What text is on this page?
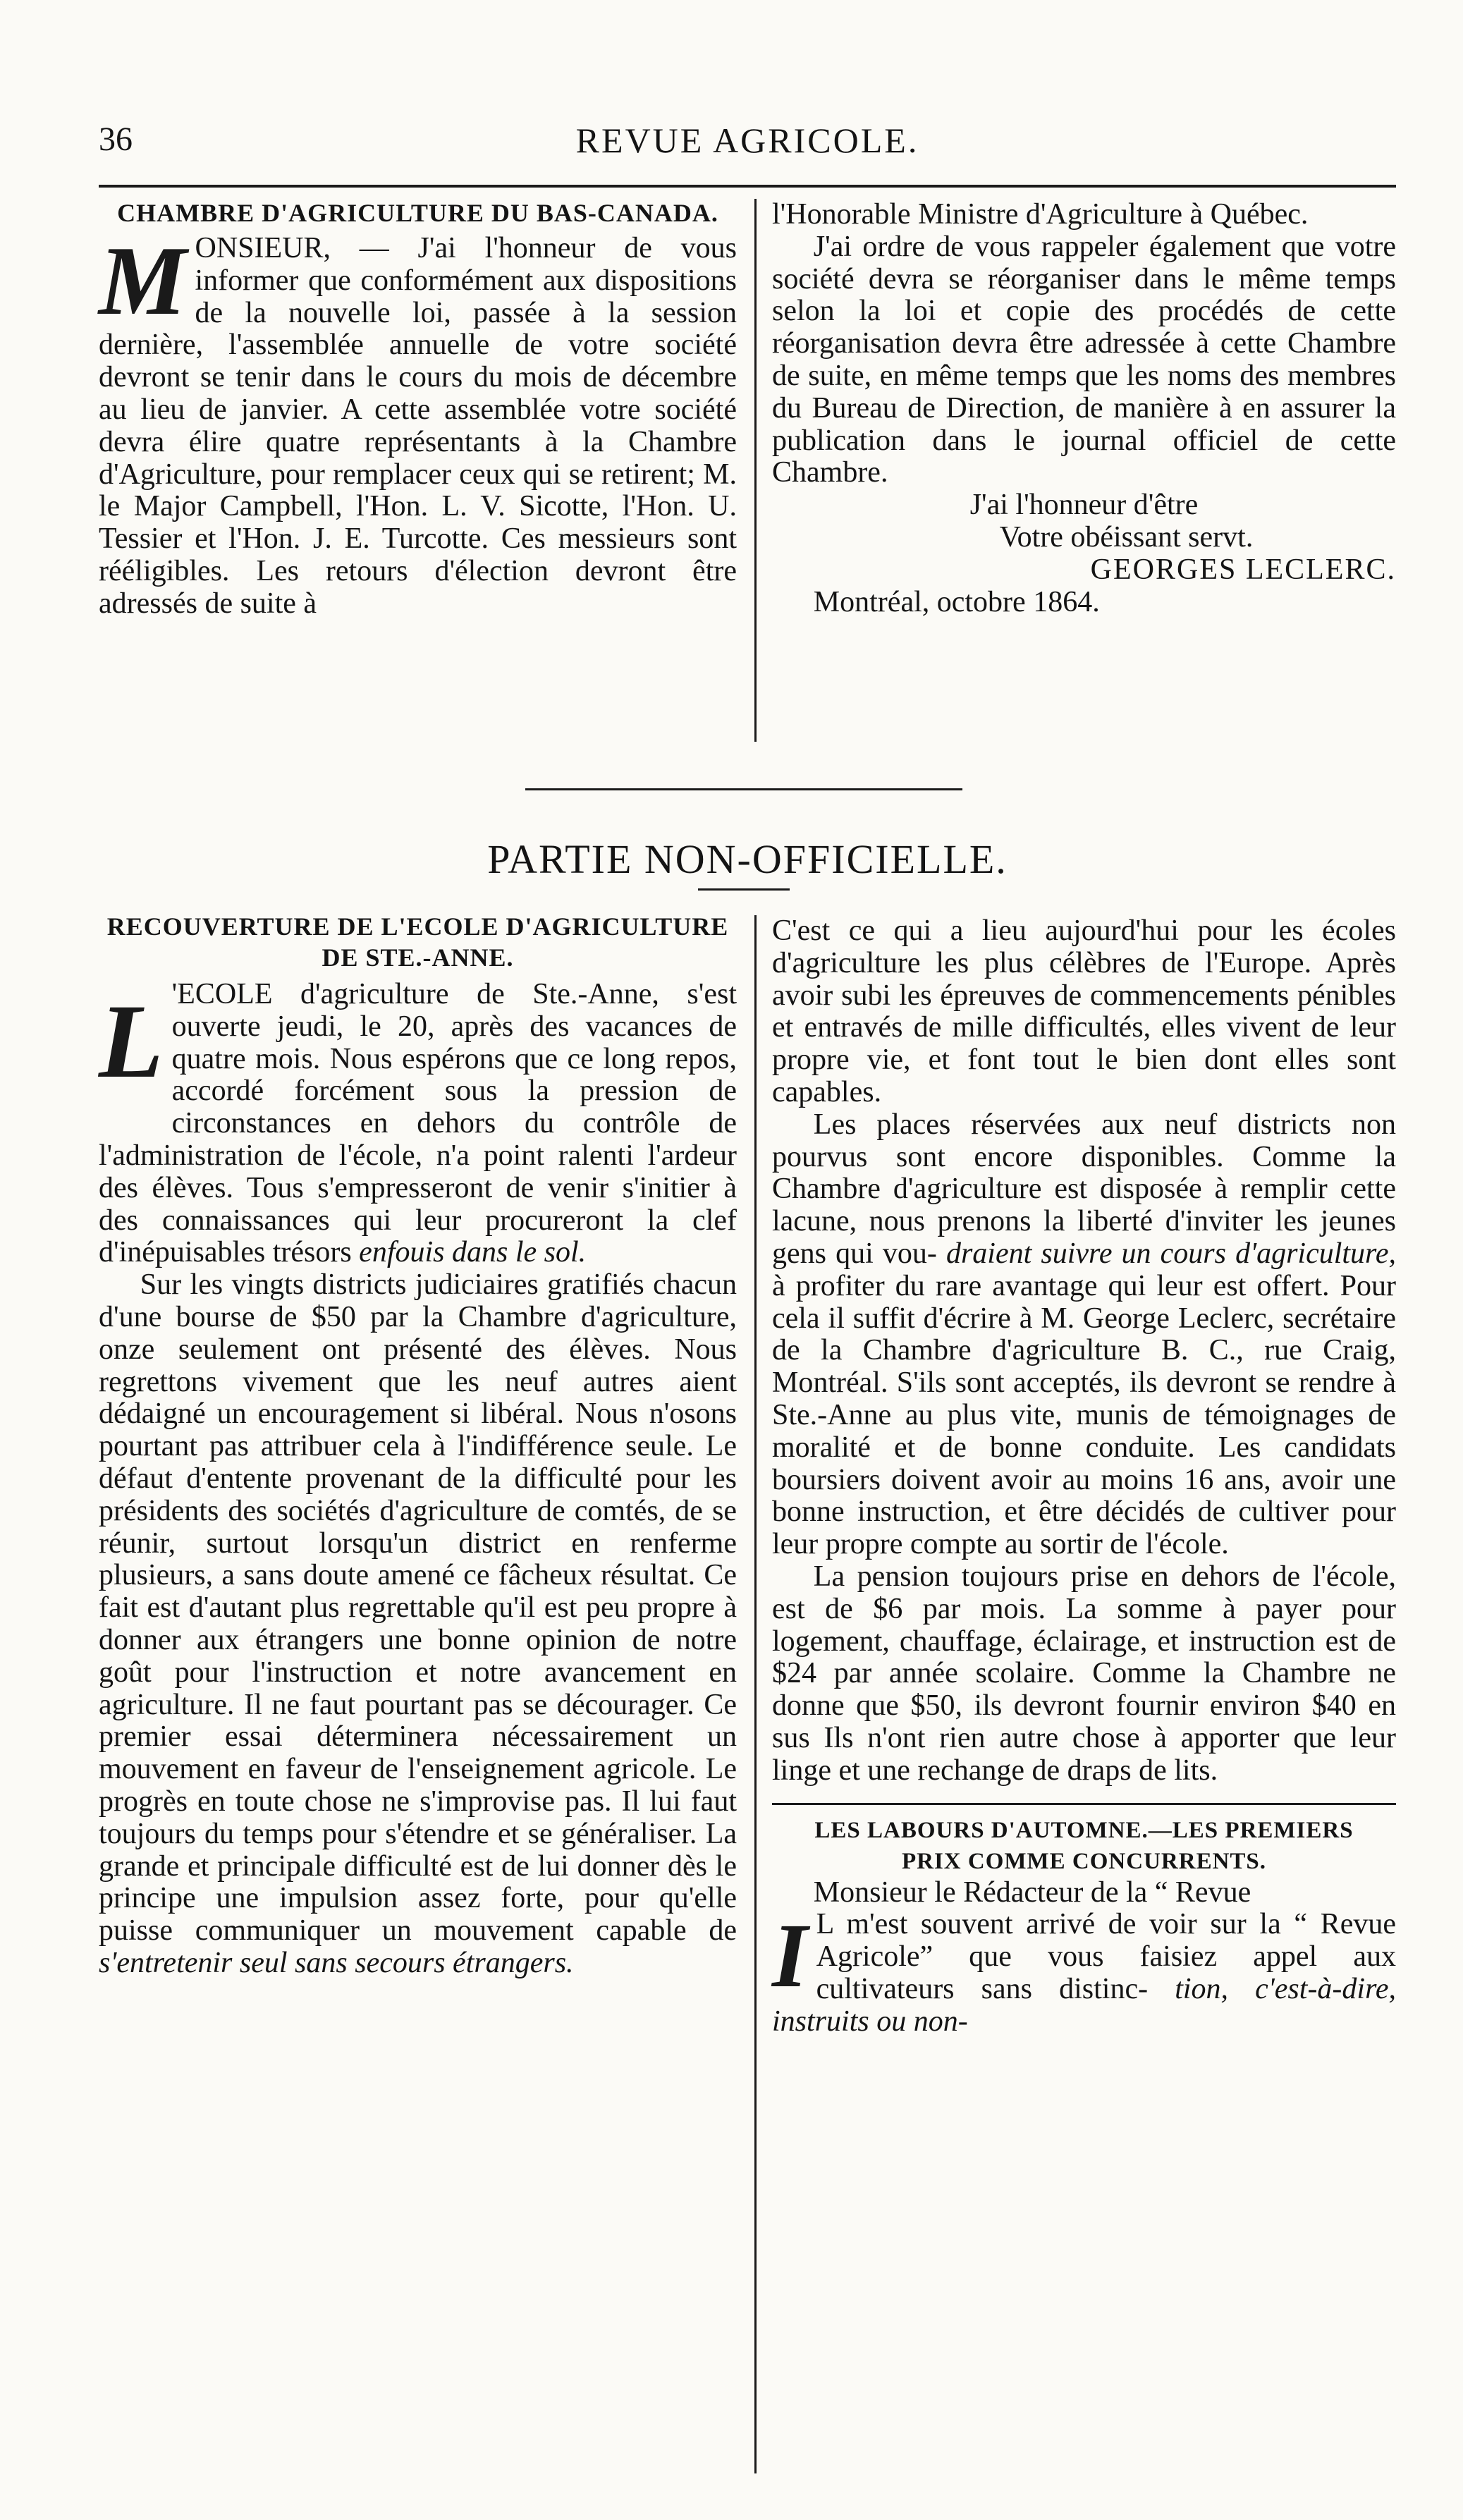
36	REVUE AGRICOLE.
CHAMBRE D'AGRICULTURE DU BAS-CANADA.

M ONSIEUR, — J'ai l'honneur de vous informer que conformément aux dispositions de la nouvelle loi, passée à la session dernière, l'assemblée annuelle de votre société devront se tenir dans le cours du mois de décembre au lieu de janvier. A cette assemblée votre société devra élire quatre représentants à la Chambre d'Agriculture, pour remplacer ceux qui se retirent; M. le Major Campbell, l'Hon. L. V. Sicotte, l'Hon. U. Tessier et l'Hon. J. E. Turcotte. Ces messieurs sont rééligibles. Les retours d'élection devront être adressés de suite à

l'Honorable Ministre d'Agriculture à Québec.

J'ai ordre de vous rappeler également que votre société devra se réorganiser dans le même temps selon la loi et copie des procédés de cette réorganisation devra être adressée à cette Chambre de suite, en même temps que les noms des membres du Bureau de Direction, de manière à en assurer la publication dans le journal officiel de cette Chambre.

J'ai l'honneur d'être

Votre obéissant servt.

GEORGES LECLERC.

Montréal, octobre 1864.

PARTIE NON-OFFICIELLE.
RECOUVERTURE DE L'ECOLE D'AGRICULTURE
DE STE.-ANNE.

L 'ECOLE d'agriculture de Ste.-Anne, s'est ouverte jeudi, le 20, après des vacances de quatre mois. Nous espérons que ce long repos, accordé forcément sous la pression de circonstances en dehors du contrôle de l'administration de l'école, n'a point ralenti l'ardeur des élèves. Tous s'empresseront de venir s'initier à des connaissances qui leur procureront la clef d'inépuisables trésors enfouis dans le sol.

Sur les vingts districts judiciaires gratifiés chacun d'une bourse de $50 par la Chambre d'agriculture, onze seulement ont présenté des élèves. Nous regrettons vivement que les neuf autres aient dédaigné un encouragement si libéral. Nous n'osons pourtant pas attribuer cela à l'indifférence seule. Le défaut d'entente provenant de la difficulté pour les présidents des sociétés d'agriculture de comtés, de se réunir, surtout lorsqu'un district en renferme plusieurs, a sans doute amené ce fâcheux résultat. Ce fait est d'autant plus regrettable qu'il est peu propre à donner aux étrangers une bonne opinion de notre goût pour l'instruction et notre avancement en agriculture. Il ne faut pourtant pas se décourager. Ce premier essai déterminera nécessairement un mouvement en faveur de l'enseignement agricole. Le progrès en toute chose ne s'improvise pas. Il lui faut toujours du temps pour s'étendre et se généraliser. La grande et principale difficulté est de lui donner dès le principe une impulsion assez forte, pour qu'elle puisse communiquer un mouvement capable de s'entretenir seul sans secours étrangers.

C'est ce qui a lieu aujourd'hui pour les écoles d'agriculture les plus célèbres de l'Europe. Après avoir subi les épreuves de commencements pénibles et entravés de mille difficultés, elles vivent de leur propre vie, et font tout le bien dont elles sont capables.

Les places réservées aux neuf districts non pourvus sont encore disponibles. Comme la Chambre d'agriculture est disposée à remplir cette lacune, nous prenons la liberté d'inviter les jeunes gens qui vou- draient suivre un cours d'agriculture, à profiter du rare avantage qui leur est offert. Pour cela il suffit d'écrire à M. George Leclerc, secrétaire de la Chambre d'agriculture B. C., rue Craig, Montréal. S'ils sont acceptés, ils devront se rendre à Ste.-Anne au plus vite, munis de témoignages de moralité et de bonne conduite. Les candidats boursiers doivent avoir au moins 16 ans, avoir une bonne instruction, et être décidés de cultiver pour leur propre compte au sortir de l'école.

La pension toujours prise en dehors de l'école, est de $6 par mois. La somme à payer pour logement, chauffage, éclairage, et instruction est de $24 par année scolaire. Comme la Chambre ne donne que $50, ils devront fournir environ $40 en sus Ils n'ont rien autre chose à apporter que leur linge et une rechange de draps de lits.

LES LABOURS D'AUTOMNE.—LES PREMIERS
PRIX COMME CONCURRENTS.

Monsieur le Rédacteur de la “ Revue

I L m'est souvent arrivé de voir sur la “ Revue Agricole” que vous faisiez appel aux cultivateurs sans distinc- tion, c'est-à-dire, instruits ou non-
